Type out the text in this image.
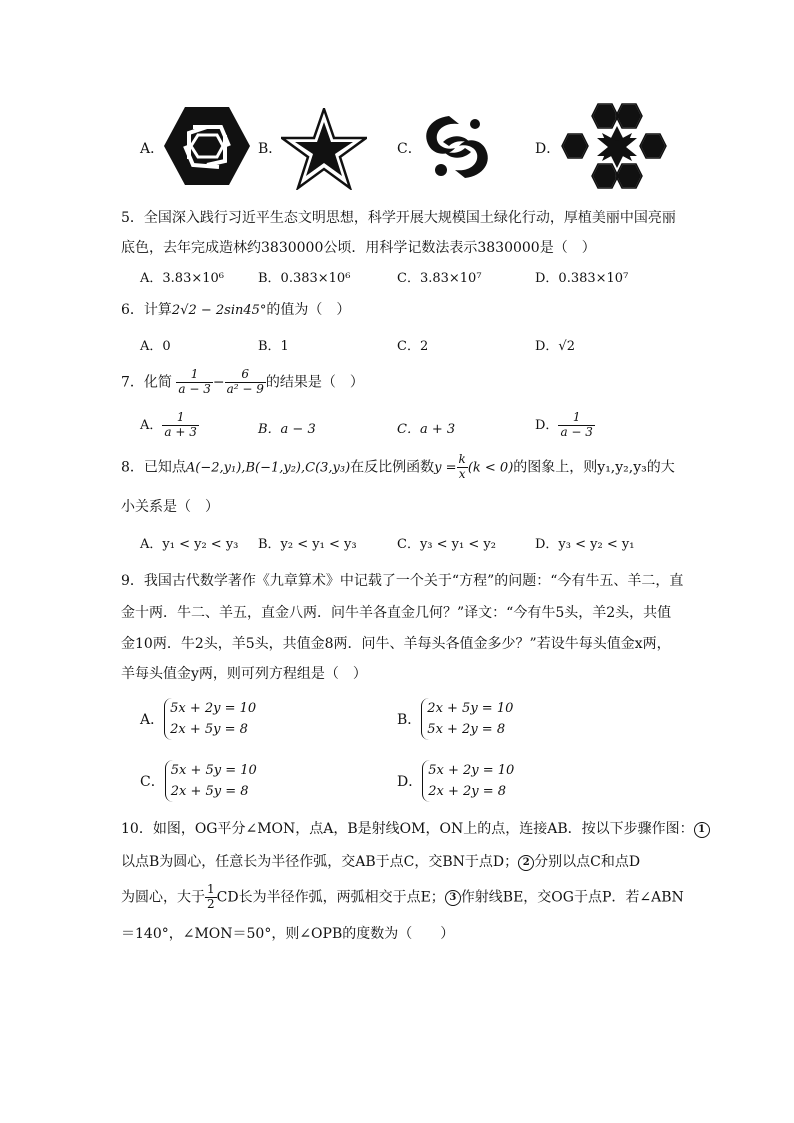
A．	B．	C．	D．
5．全国深入践行习近平生态文明思想，科学开展大规模国土绿化行动，厚植美丽中国亮丽
底色，去年完成造林约3830000公顷．用科学记数法表示3830000是（　）
A．3.83×10⁶	B．0.383×10⁶	C．3.83×10⁷	D．0.383×10⁷
6．计算2√2 − 2sin45°的值为（　）
A．0	B．1	C．2	D．√2
7．化简 $\frac{1}{a - 3} - \frac{6}{\text{a² − 9}}$ 的结果是（　）
A． $\frac{1}{a + 3}$	B．a − 3	C．a + 3	D． $\frac{1}{a - 3}$
8．已知点A(−2,y₁),B(−1,y₂),C(3,y₃)在反比例函数$y = \frac{k}{x} (k < 0)$的图象上，则y₁,y₂,y₃的大
小关系是（　）
A．y₁ < y₂ < y₃ B．y₂ < y₁ < y₃	C．y₃ < y₁ < y₂	D．y₃ < y₂ < y₁
9．我国古代数学著作《九章算术》中记载了一个关于“方程”的问题：“今有牛五、羊二，直
金十两．牛二、羊五，直金八两．问牛羊各直金几何？”译文：“今有牛5头，羊2头，共值
金10两．牛2头，羊5头，共值金8两．问牛、羊每头各值金多少？”若设牛每头值金x两，
羊每头值金y两，则可列方程组是（　）
A．
5x + 2y = 10
2x + 5y = 8
B．
2x + 5y = 10
5x + 2y = 8
C．
5x + 5y = 10
2x + 5y = 8
D．
5x + 2y = 10
2x + 2y = 8
10．如图，OG平分∠MON，点A，B是射线OM，ON上的点，连接AB．按以下步骤作图： 1
以点B为圆心，任意长为半径作弧，交AB于点C，交BN于点D； 2 分别以点C和点D
为圆心，大于 $\frac{1}{2}$ CD长为半径作弧，两弧相交于点E； 3 作射线BE，交OG于点P．若∠ABN
＝140°，∠MON＝50°，则∠OPB的度数为（　　）
